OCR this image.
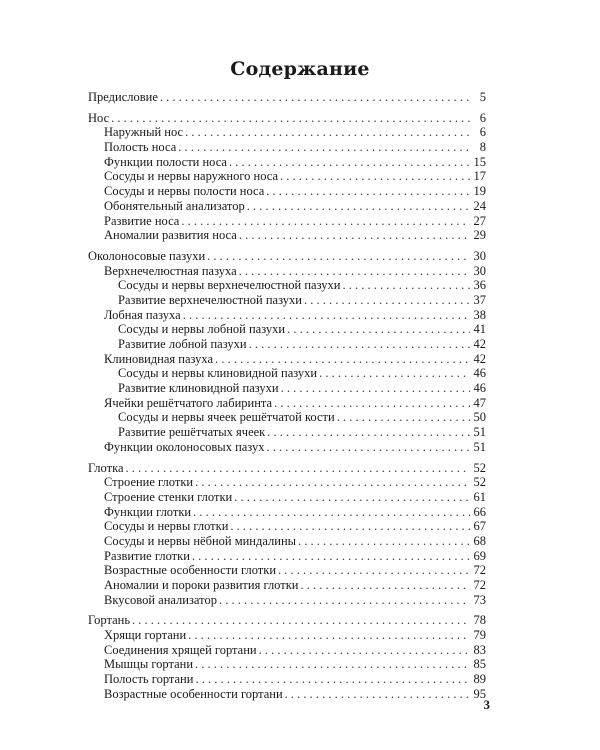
Содержание
Предисловие . . .	5
Нос . . .	6
Наружный нос . . .	6
Полость носа . . .	8
Функции полости носа . . .	15
Сосуды и нервы наружного носа . . .	17
Сосуды и нервы полости носа . . .	19
Обонятельный анализатор . . .	24
Развитие носа . . .	27
Аномалии развития носа . . .	29
Околоносовые пазухи . . .	30
Верхнечелюстная пазуха . . .	30
Сосуды и нервы верхнечелюстной пазухи . . .	36
Развитие верхнечелюстной пазухи . . .	37
Лобная пазуха . . .	38
Сосуды и нервы лобной пазухи . . .	41
Развитие лобной пазухи . . .	42
Клиновидная пазуха . . .	42
Сосуды и нервы клиновидной пазухи . . .	46
Развитие клиновидной пазухи . . .	46
Ячейки решётчатого лабиринта . . .	47
Сосуды и нервы ячеек решётчатой кости . . .	50
Развитие решётчатых ячеек . . .	51
Функции околоносовых пазух . . .	51
Глотка . . .	52
Строение глотки . . .	52
Строение стенки глотки . . .	61
Функции глотки . . .	66
Сосуды и нервы глотки . . .	67
Сосуды и нервы нёбной миндалины . . .	68
Развитие глотки . . .	69
Возрастные особенности глотки . . .	72
Аномалии и пороки развития глотки . . .	72
Вкусовой анализатор . . .	73
Гортань . . .	78
Хрящи гортани . . .	79
Соединения хрящей гортани . . .	83
Мышцы гортани . . .	85
Полость гортани . . .	89
Возрастные особенности гортани . . .	95
3
